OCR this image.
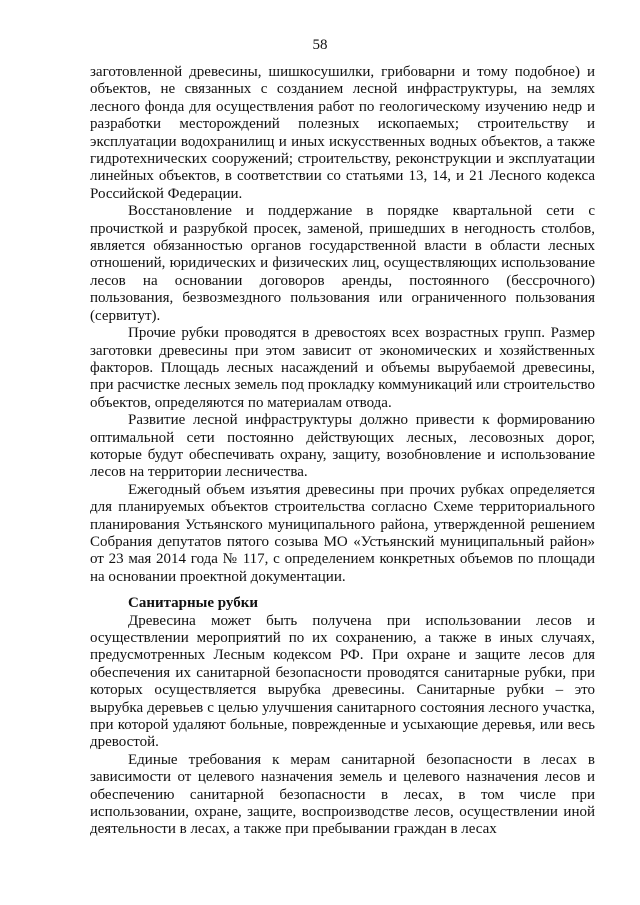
58

заготовленной древесины, шишкосушилки, грибоварни и тому подобное) и объектов, не связанных с созданием лесной инфраструктуры, на землях лесного фонда для осуществления работ по геологическому изучению недр и разработки месторождений полезных ископаемых; строительству и эксплуатации водохранилищ и иных искусственных водных объектов, а также гидротехнических сооружений; строительству, реконструкции и эксплуатации линейных объектов, в соответствии со статьями 13, 14, и 21 Лесного кодекса Российской Федерации.

Восстановление и поддержание в порядке квартальной сети с прочисткой и разрубкой просек, заменой, пришедших в негодность столбов, является обязанностью органов государственной власти в области лесных отношений, юридических и физических лиц, осуществляющих использование лесов на основании договоров аренды, постоянного (бессрочного) пользования, безвозмездного пользования или ограниченного пользования (сервитут).

Прочие рубки проводятся в древостоях всех возрастных групп. Размер заготовки древесины при этом зависит от экономических и хозяйственных факторов. Площадь лесных насаждений и объемы вырубаемой древесины, при расчистке лесных земель под прокладку коммуникаций или строительство объектов, определяются по материалам отвода.

Развитие лесной инфраструктуры должно привести к формированию оптимальной сети постоянно действующих лесных, лесовозных дорог, которые будут обеспечивать охрану, защиту, возобновление и использование лесов на территории лесничества.

Ежегодный объем изъятия древесины при прочих рубках определяется для планируемых объектов строительства согласно Схеме территориального планирования Устьянского муниципального района, утвержденной решением Собрания депутатов пятого созыва МО «Устьянский муниципальный район» от 23 мая 2014 года № 117, с определением конкретных объемов по площади на основании проектной документации.

Санитарные рубки

Древесина может быть получена при использовании лесов и осуществлении мероприятий по их сохранению, а также в иных случаях, предусмотренных Лесным кодексом РФ. При охране и защите лесов для обеспечения их санитарной безопасности проводятся санитарные рубки, при которых осуществляется вырубка древесины. Санитарные рубки – это вырубка деревьев с целью улучшения санитарного состояния лесного участка, при которой удаляют больные, поврежденные и усыхающие деревья, или весь древостой.

Единые требования к мерам санитарной безопасности в лесах в зависимости от целевого назначения земель и целевого назначения лесов и обеспечению санитарной безопасности в лесах, в том числе при использовании, охране, защите, воспроизводстве лесов, осуществлении иной деятельности в лесах, а также при пребывании граждан в лесах
